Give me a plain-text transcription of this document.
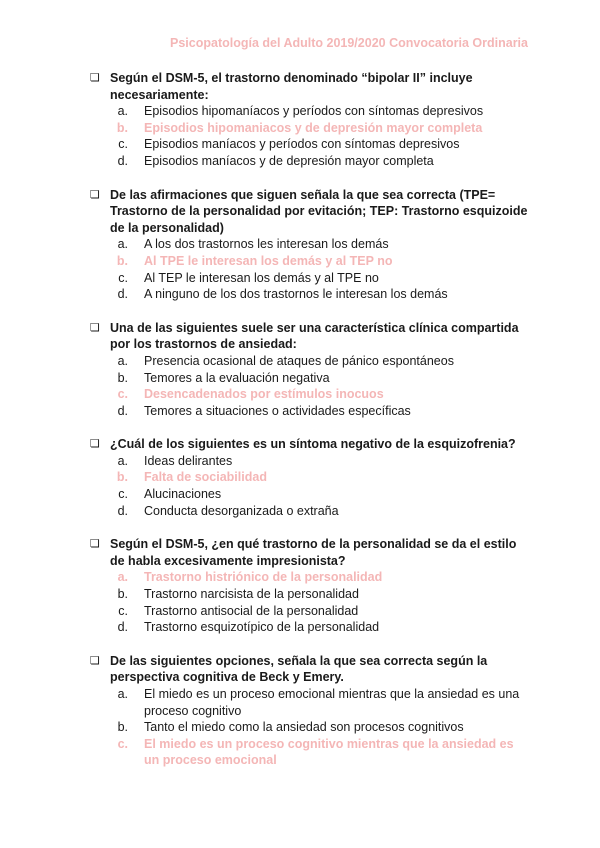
Psicopatología del Adulto 2019/2020 Convocatoria Ordinaria
❏ Según el DSM-5, el trastorno denominado “bipolar II” incluye necesariamente:
a. Episodios hipomaníacos y períodos con síntomas depresivos
b. Episodios hipomaniacos y de depresión mayor completa
c. Episodios maníacos y períodos con síntomas depresivos
d. Episodios maníacos y de depresión mayor completa
❏ De las afirmaciones que siguen señala la que sea correcta (TPE= Trastorno de la personalidad por evitación; TEP: Trastorno esquizoide de la personalidad)
a. A los dos trastornos les interesan los demás
b. Al TPE le interesan los demás y al TEP no
c. Al TEP le interesan los demás y al TPE no
d. A ninguno de los dos trastornos le interesan los demás
❏ Una de las siguientes suele ser una característica clínica compartida por los trastornos de ansiedad:
a. Presencia ocasional de ataques de pánico espontáneos
b. Temores a la evaluación negativa
c. Desencadenados por estímulos inocuos
d. Temores a situaciones o actividades específicas
❏ ¿Cuál de los siguientes es un síntoma negativo de la esquizofrenia?
a. Ideas delirantes
b. Falta de sociabilidad
c. Alucinaciones
d. Conducta desorganizada o extraña
❏ Según el DSM-5, ¿en qué trastorno de la personalidad se da el estilo de habla excesivamente impresionista?
a. Trastorno histriónico de la personalidad
b. Trastorno narcisista de la personalidad
c. Trastorno antisocial de la personalidad
d. Trastorno esquizotípico de la personalidad
❏ De las siguientes opciones, señala la que sea correcta según la perspectiva cognitiva de Beck y Emery.
a. El miedo es un proceso emocional mientras que la ansiedad es una proceso cognitivo
b. Tanto el miedo como la ansiedad son procesos cognitivos
c. El miedo es un proceso cognitivo mientras que la ansiedad es un proceso emocional
